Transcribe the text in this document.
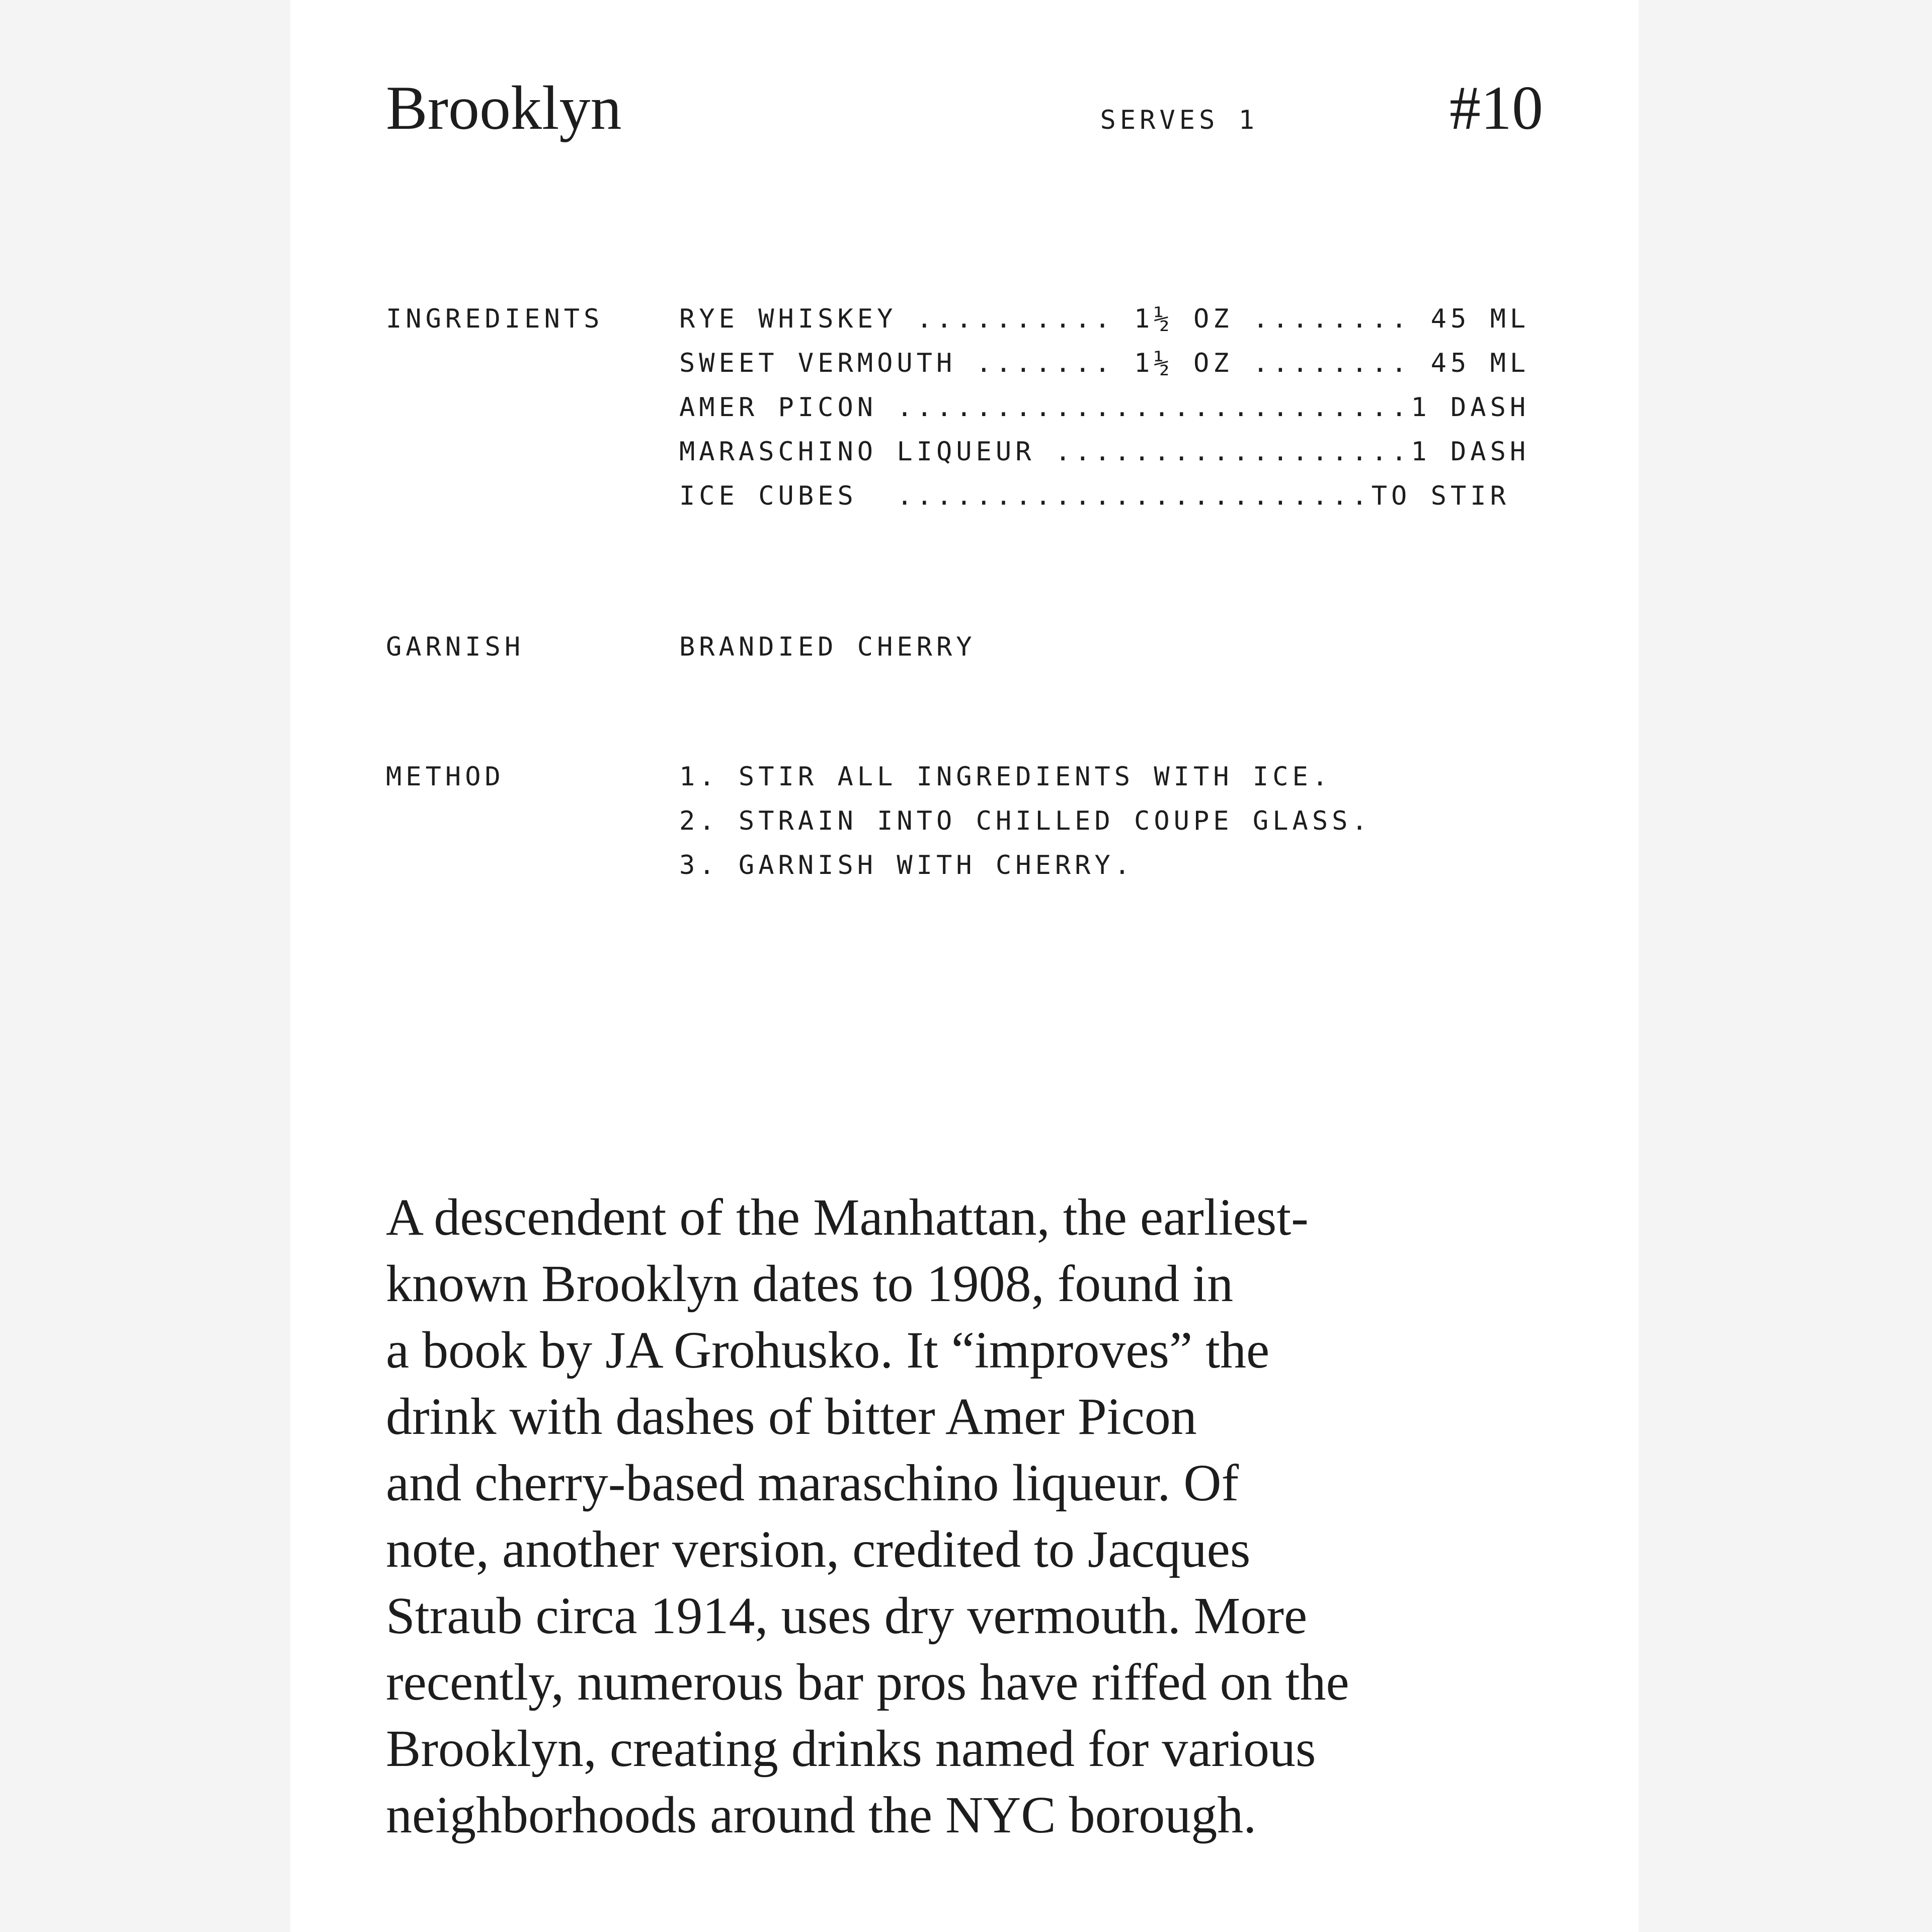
Brooklyn	SERVES 1	#10
INGREDIENTS	RYE WHISKEY .......... 1½ OZ ........ 45 ML
SWEET VERMOUTH ....... 1½ OZ ........ 45 ML
AMER PICON ..........................1 DASH
MARASCHINO LIQUEUR ..................1 DASH
ICE CUBES  ........................TO STIR
GARNISH	BRANDIED CHERRY
METHOD	1. STIR ALL INGREDIENTS WITH ICE.
2. STRAIN INTO CHILLED COUPE GLASS.
3. GARNISH WITH CHERRY.
A descendent of the Manhattan, the earliest-
known Brooklyn dates to 1908, found in
a book by JA Grohusko. It “improves” the
drink with dashes of bitter Amer Picon
and cherry-based maraschino liqueur. Of
note, another version, credited to Jacques
Straub circa 1914, uses dry vermouth. More
recently, numerous bar pros have riffed on the
Brooklyn, creating drinks named for various
neighborhoods around the NYC borough.
